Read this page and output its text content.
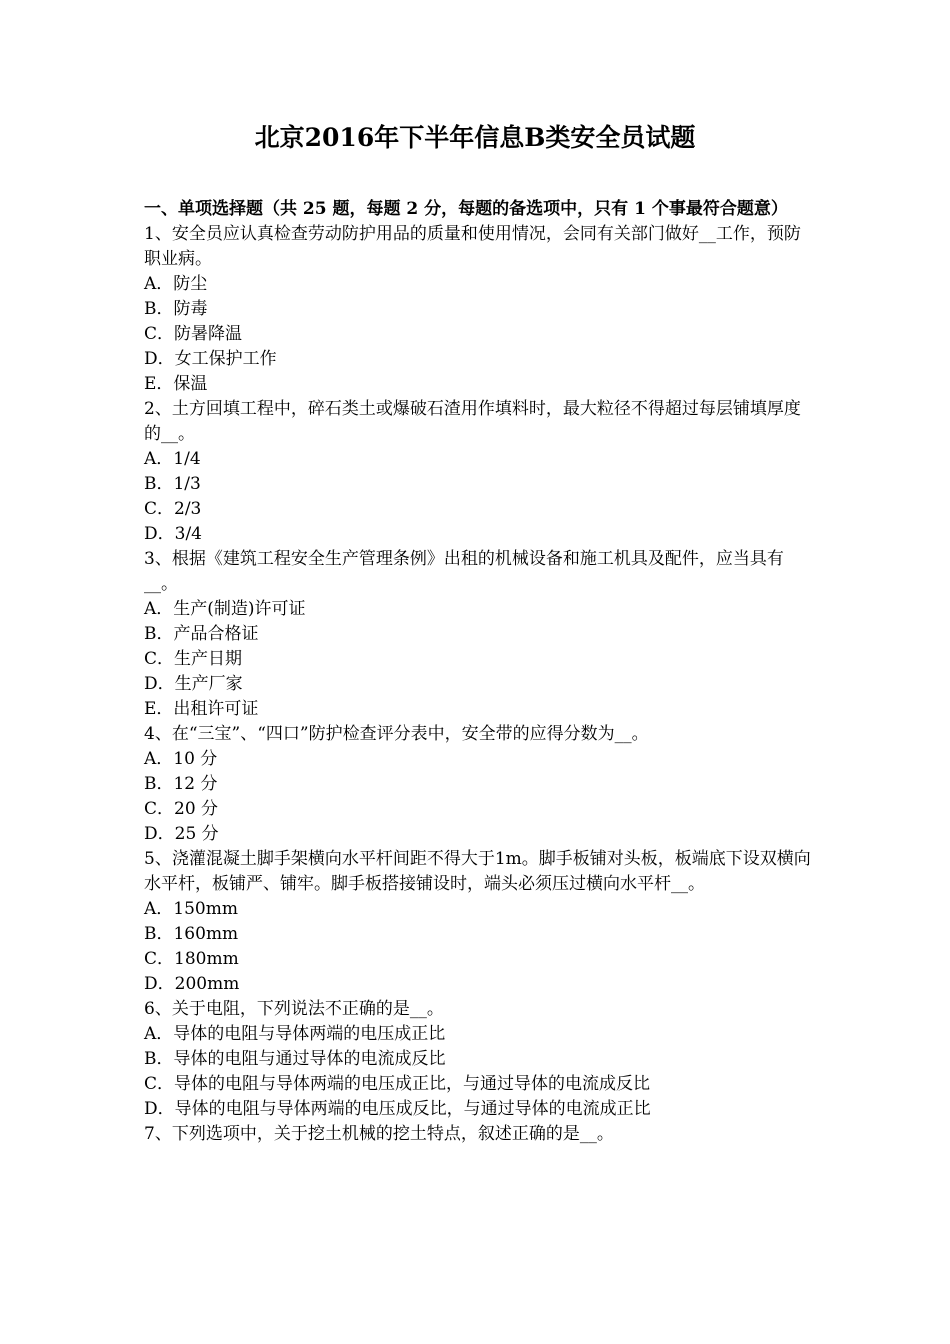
北京2016年下半年信息B类安全员试题

一、单项选择题（共 25 题，每题 2 分，每题的备选项中，只有 1 个事最符合题意）

1、安全员应认真检查劳动防护用品的质量和使用情况，会同有关部门做好__工作，预防职业病。

A．防尘

B．防毒

C．防暑降温

D．女工保护工作

E．保温

2、土方回填工程中，碎石类土或爆破石渣用作填料时，最大粒径不得超过每层铺填厚度的__。

A．1/4

B．1/3

C．2/3

D．3/4

3、根据《建筑工程安全生产管理条例》出租的机械设备和施工机具及配件，应当具有__。

A．生产(制造)许可证

B．产品合格证

C．生产日期

D．生产厂家

E．出租许可证

4、在“三宝”、“四口”防护检查评分表中，安全带的应得分数为__。

A．10 分

B．12 分

C．20 分

D．25 分

5、浇灌混凝土脚手架横向水平杆间距不得大于1m。脚手板铺对头板，板端底下设双横向水平杆，板铺严、铺牢。脚手板搭接铺设时，端头必须压过横向水平杆__。

A．150mm

B．160mm

C．180mm

D．200mm

6、关于电阻，下列说法不正确的是__。

A．导体的电阻与导体两端的电压成正比

B．导体的电阻与通过导体的电流成反比

C．导体的电阻与导体两端的电压成正比，与通过导体的电流成反比

D．导体的电阻与导体两端的电压成反比，与通过导体的电流成正比

7、下列选项中，关于挖土机械的挖土特点，叙述正确的是__。
